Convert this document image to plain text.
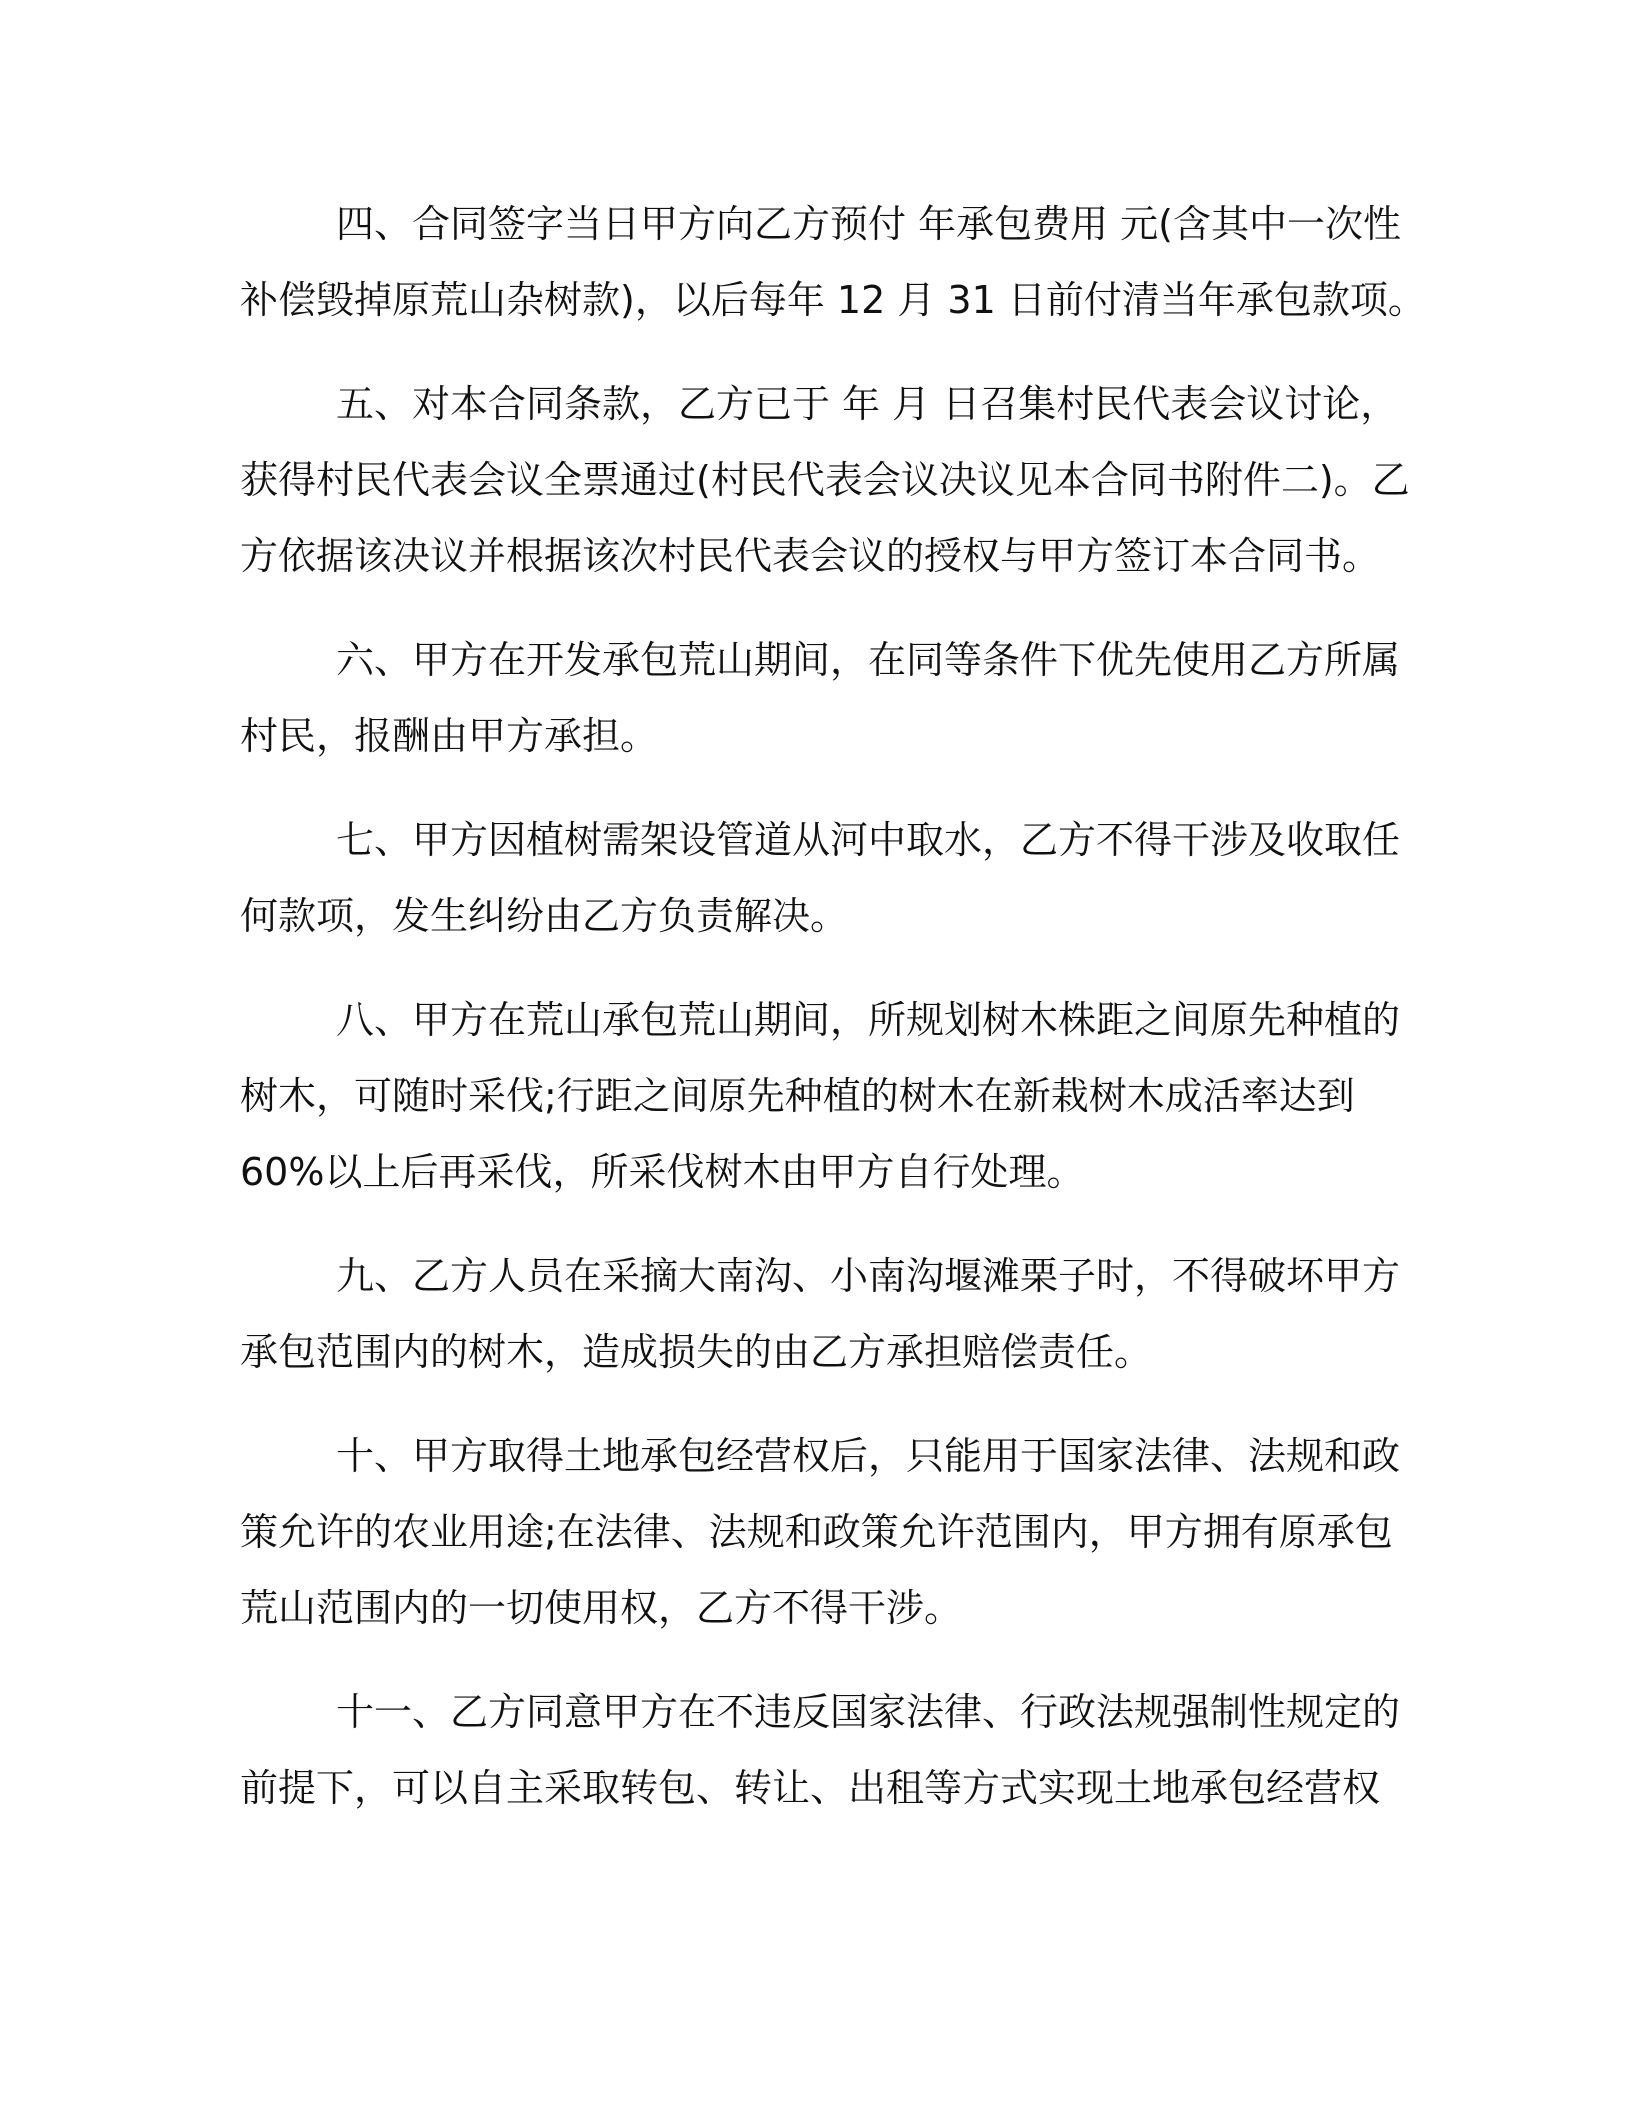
四、合同签字当日甲方向乙方预付 年承包费用 元(含其中一次性
补偿毁掉原荒山杂树款)，以后每年 12 月 31 日前付清当年承包款项。
五、对本合同条款，乙方已于 年 月 日召集村民代表会议讨论，
获得村民代表会议全票通过(村民代表会议决议见本合同书附件二)。乙
方依据该决议并根据该次村民代表会议的授权与甲方签订本合同书。
六、甲方在开发承包荒山期间，在同等条件下优先使用乙方所属
村民，报酬由甲方承担。
七、甲方因植树需架设管道从河中取水，乙方不得干涉及收取任
何款项，发生纠纷由乙方负责解决。
八、甲方在荒山承包荒山期间，所规划树木株距之间原先种植的
树木，可随时采伐;行距之间原先种植的树木在新栽树木成活率达到
60%以上后再采伐，所采伐树木由甲方自行处理。
九、乙方人员在采摘大南沟、小南沟堰滩栗子时，不得破坏甲方
承包范围内的树木，造成损失的由乙方承担赔偿责任。
十、甲方取得土地承包经营权后，只能用于国家法律、法规和政
策允许的农业用途;在法律、法规和政策允许范围内，甲方拥有原承包
荒山范围内的一切使用权，乙方不得干涉。
十一、乙方同意甲方在不违反国家法律、行政法规强制性规定的
前提下，可以自主采取转包、转让、出租等方式实现土地承包经营权
